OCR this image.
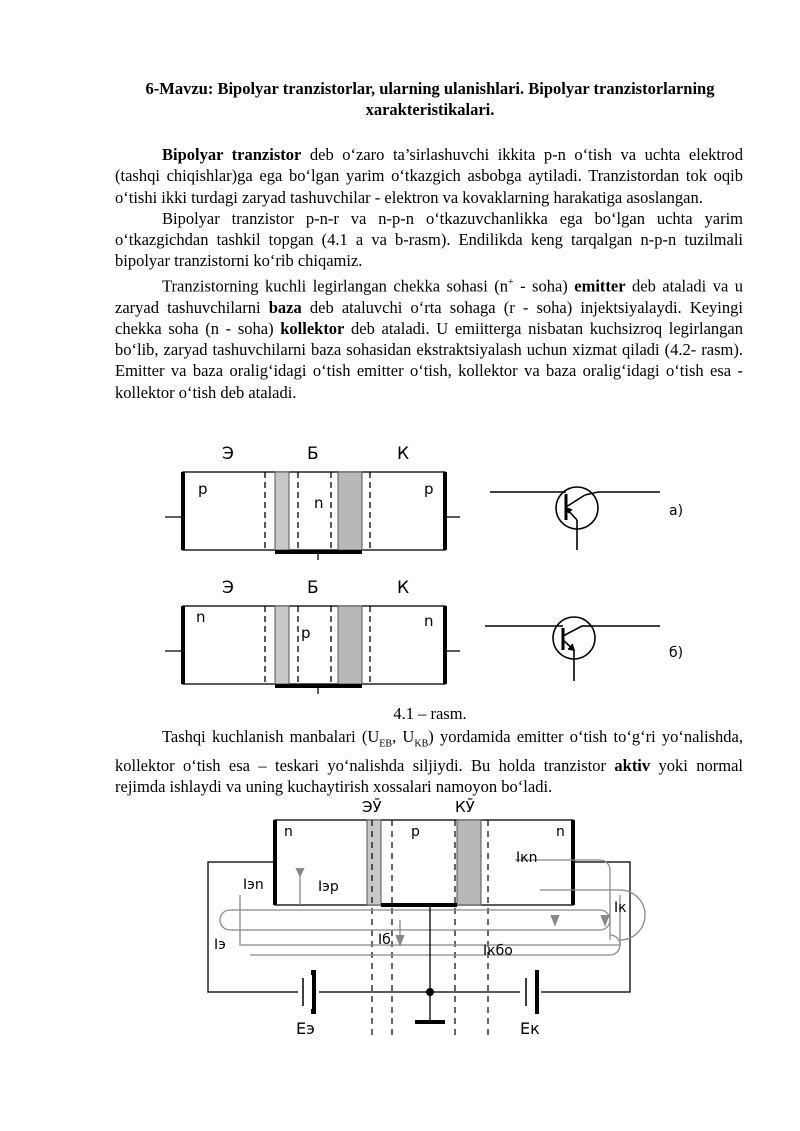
6-Mavzu: Bipolyar tranzistorlar, ularning ulanishlari. Bipolyar tranzistorlarning xarakteristikalari.
Bipolyar tranzistor deb o‘zaro ta’sirlashuvchi ikkita p-n o‘tish va uchta elektrod (tashqi chiqishlar)ga ega bo‘lgan yarim o‘tkazgich asbobga aytiladi. Tranzistordan tok oqib o‘tishi ikki turdagi zaryad tashuvchilar - elektron va kovaklarning harakatiga asoslangan.
Bipolyar tranzistor p-n-r va n-p-n o‘tkazuvchanlikka ega bo‘lgan uchta yarim o‘tkazgichdan tashkil topgan (4.1 a va b-rasm). Endilikda keng tarqalgan n-p-n tuzilmali bipolyar tranzistorni ko‘rib chiqamiz.
Tranzistorning kuchli legirlangan chekka sohasi (n+ - soha) emitter deb ataladi va u zaryad tashuvchilarni baza deb ataluvchi o‘rta sohaga (r - soha) injektsiyalaydi. Keyingi chekka soha (n - soha) kollektor deb ataladi. U emiitterga nisbatan kuchsizroq legirlangan bo‘lib, zaryad tashuvchilarni baza sohasidan ekstraktsiyalash uchun xizmat qiladi (4.2- rasm). Emitter va baza oralig‘idagi o‘tish emitter o‘tish, kollektor va baza oralig‘idagi o‘tish esa -kollektor o‘tish deb ataladi.
Э	Б	К
p
n
p
а)
Э	Б	К
n
p
n
б)
ЭӮ	КӮ
n	p	n
Iэn	Iэр
Iэ	Iб
Iкn
Iк
Iкбо
Eэ	Eк
4.1 – rasm.
Tashqi kuchlanish manbalari ($U_{EB}$, $U_{KB}$) yordamida emitter o‘tish to‘g‘ri yo‘nalishda, kollektor o‘tish esa – teskari yo‘nalishda siljiydi. Bu holda tranzistor aktiv yoki normal rejimda ishlaydi va uning kuchaytirish xossalari namoyon bo‘ladi.
